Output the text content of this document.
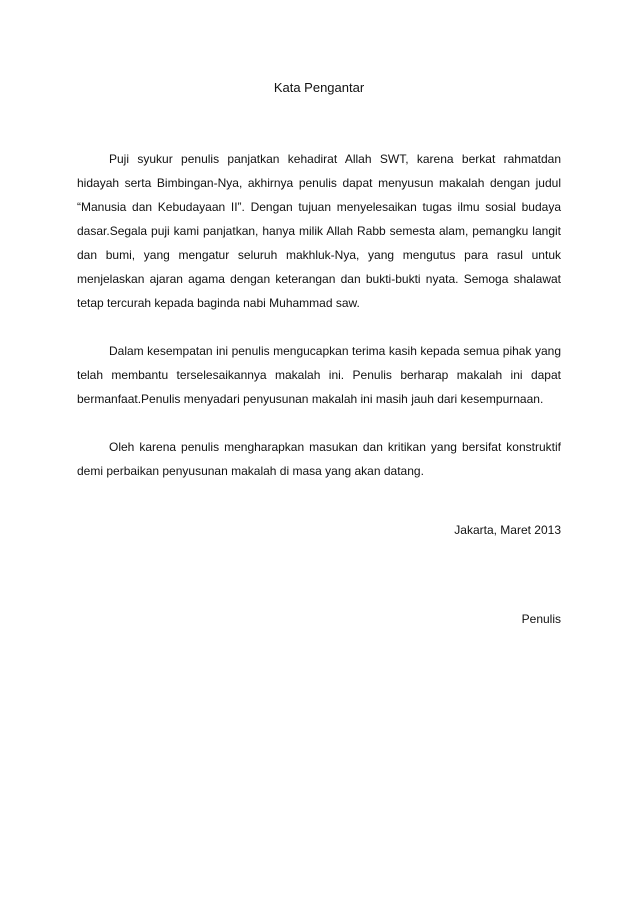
Kata Pengantar

Puji syukur penulis panjatkan kehadirat Allah SWT, karena berkat rahmatdan hidayah serta Bimbingan-Nya, akhirnya penulis dapat menyusun makalah dengan judul “Manusia dan Kebudayaan II”. Dengan tujuan menyelesaikan tugas ilmu sosial budaya dasar.Segala puji kami panjatkan, hanya milik Allah Rabb semesta alam, pemangku langit dan bumi, yang mengatur seluruh makhluk-Nya, yang mengutus para rasul untuk menjelaskan ajaran agama dengan keterangan dan bukti-bukti nyata. Semoga shalawat tetap tercurah kepada baginda nabi Muhammad saw.

Dalam kesempatan ini penulis mengucapkan terima kasih kepada semua pihak yang telah membantu terselesaikannya makalah ini. Penulis berharap makalah ini dapat bermanfaat.Penulis menyadari penyusunan makalah ini masih jauh dari kesempurnaan.

Oleh karena penulis mengharapkan masukan dan kritikan yang bersifat konstruktif demi perbaikan penyusunan makalah di masa yang akan datang.

Jakarta, Maret 2013
Penulis
